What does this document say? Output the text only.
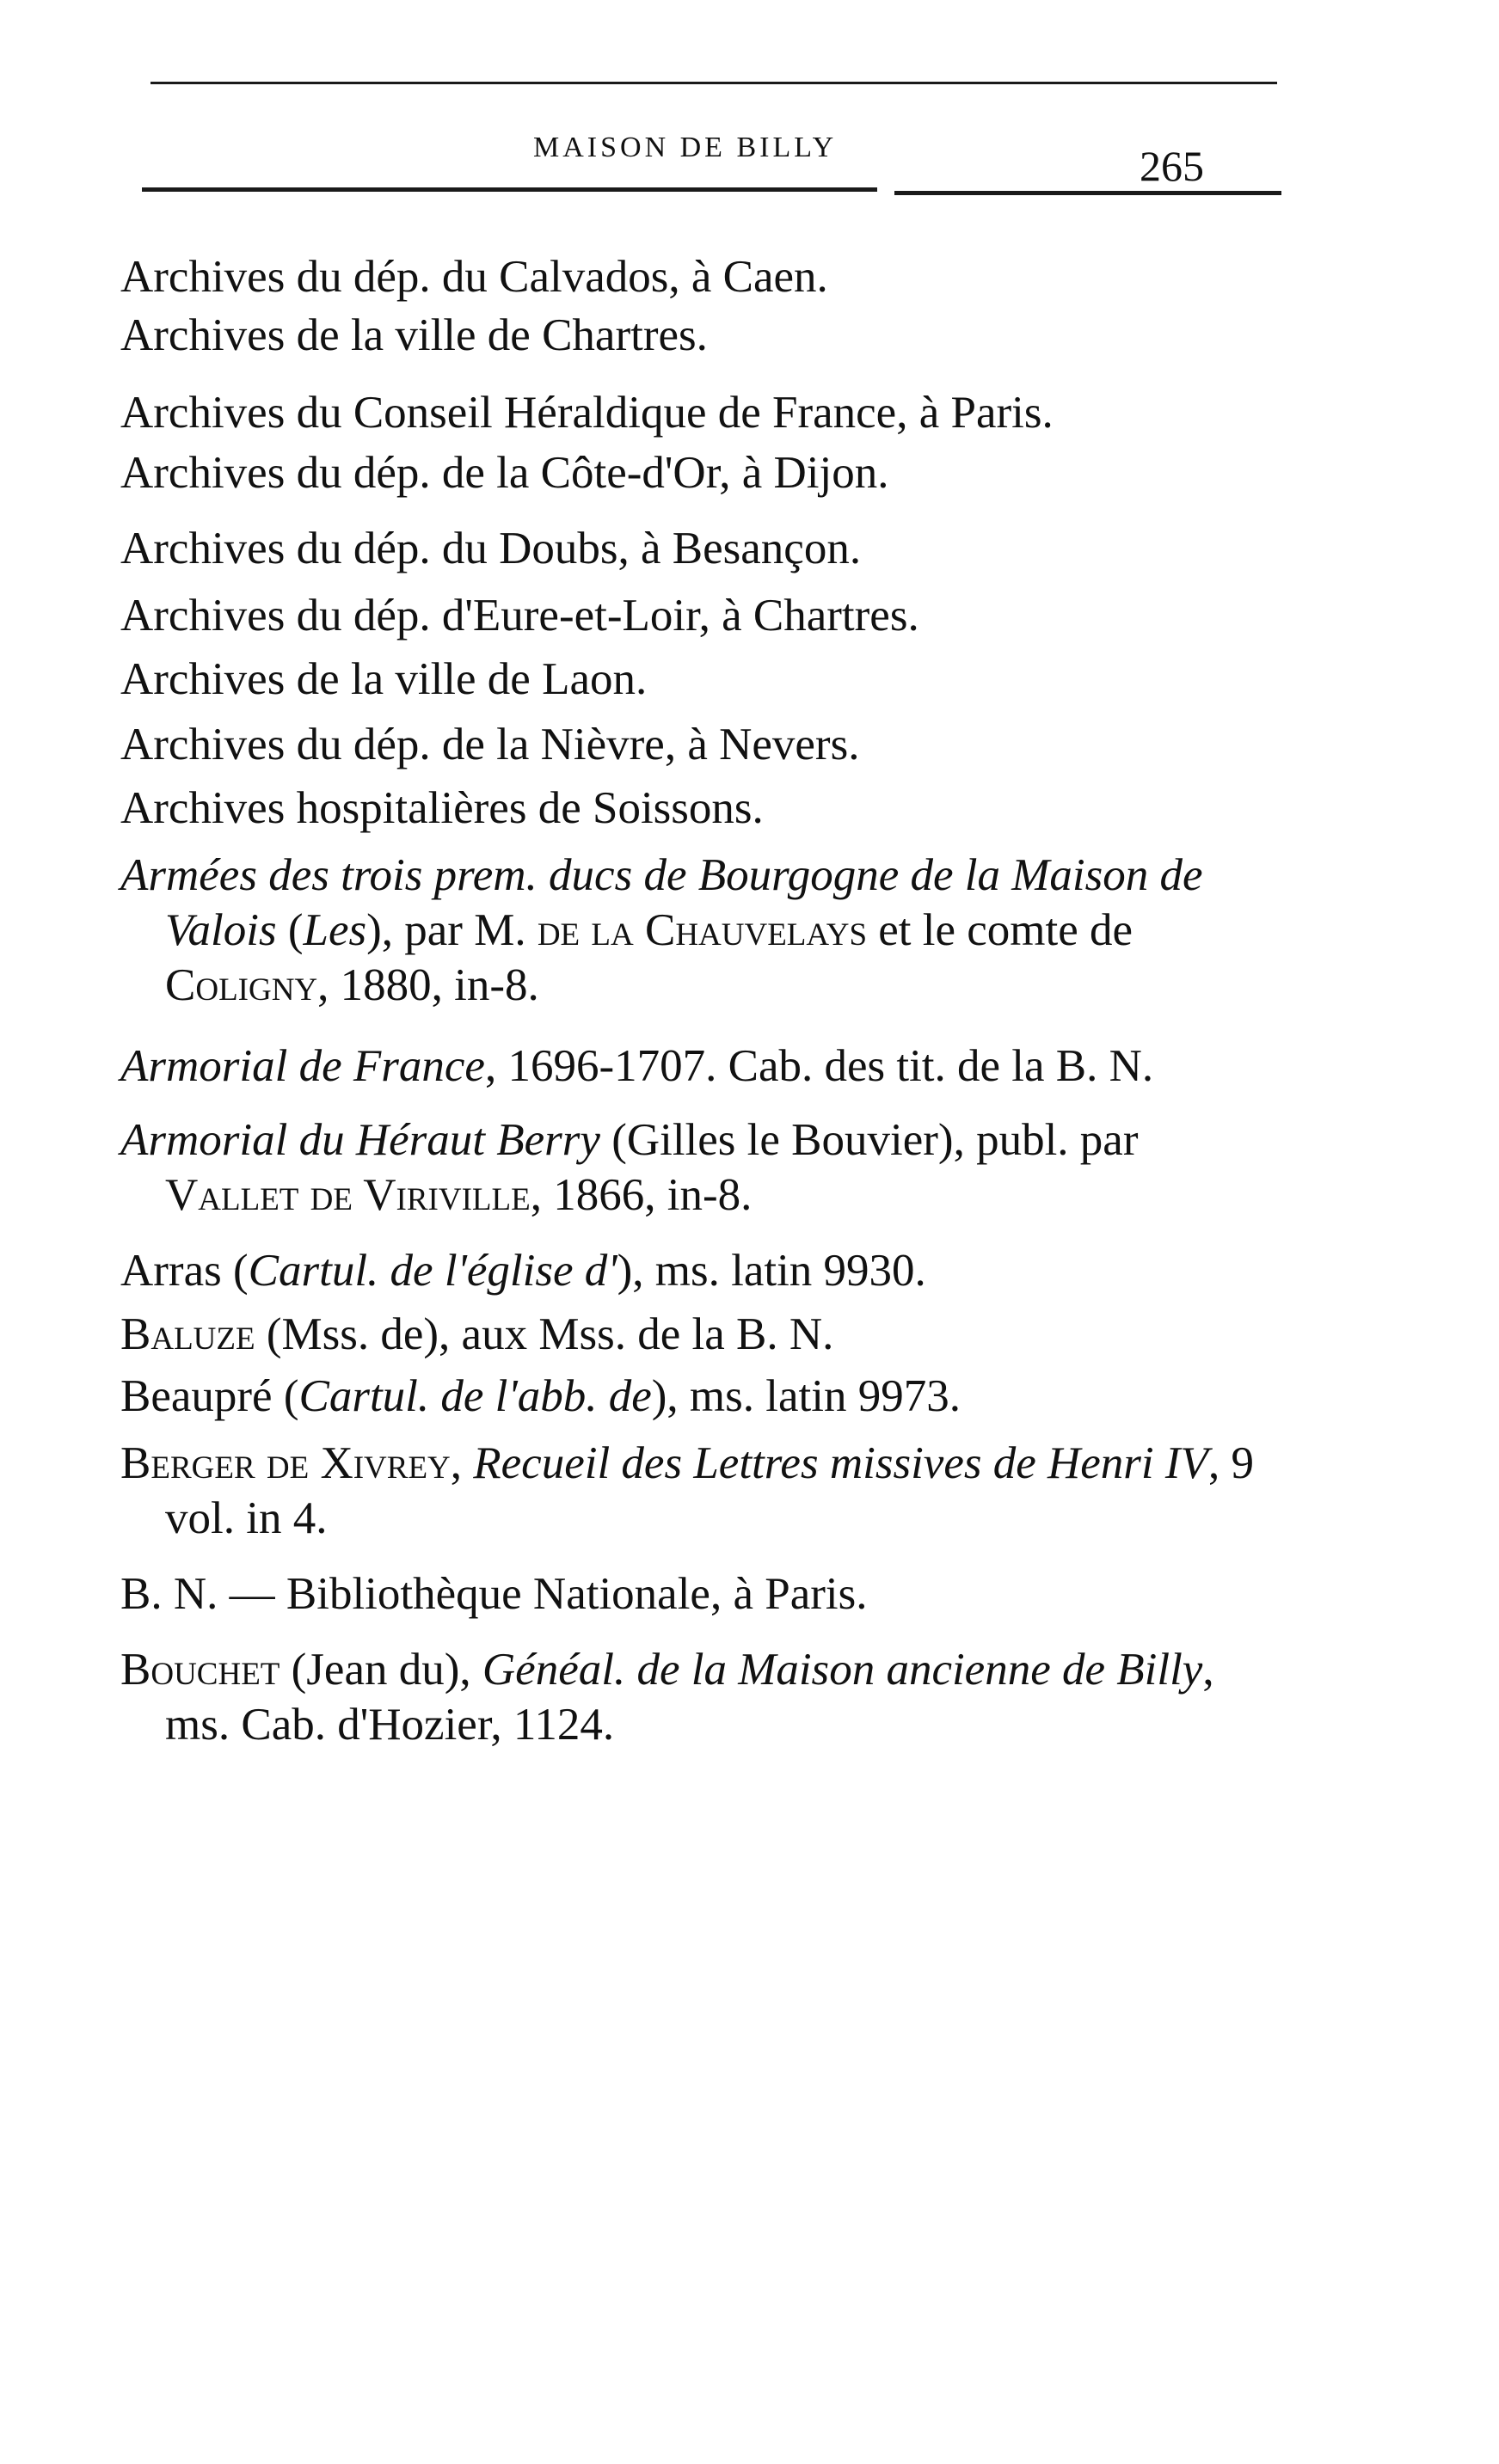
MAISON DE BILLY	265

Archives du dép. du Calvados, à Caen.

Archives de la ville de Chartres.

Archives du Conseil Héraldique de France, à Paris.

Archives du dép. de la Côte-d'Or, à Dijon.

Archives du dép. du Doubs, à Besançon.

Archives du dép. d'Eure-et-Loir, à Chartres.

Archives de la ville de Laon.

Archives du dép. de la Nièvre, à Nevers.

Archives hospitalières de Soissons.

Armées des trois prem. ducs de Bourgogne de la Maison de Valois (Les), par M. de la Chauvelays et le comte de Coligny, 1880, in-8.

Armorial de France, 1696-1707. Cab. des tit. de la B. N.

Armorial du Héraut Berry (Gilles le Bouvier), publ. par Vallet de Viriville, 1866, in-8.

Arras (Cartul. de l'église d'), ms. latin 9930.

Baluze (Mss. de), aux Mss. de la B. N.

Beaupré (Cartul. de l'abb. de), ms. latin 9973.

Berger de Xivrey, Recueil des Lettres missives de Henri IV, 9 vol. in 4.

B. N. — Bibliothèque Nationale, à Paris.

Bouchet (Jean du), Généal. de la Maison ancienne de Billy, ms. Cab. d'Hozier, 1124.
